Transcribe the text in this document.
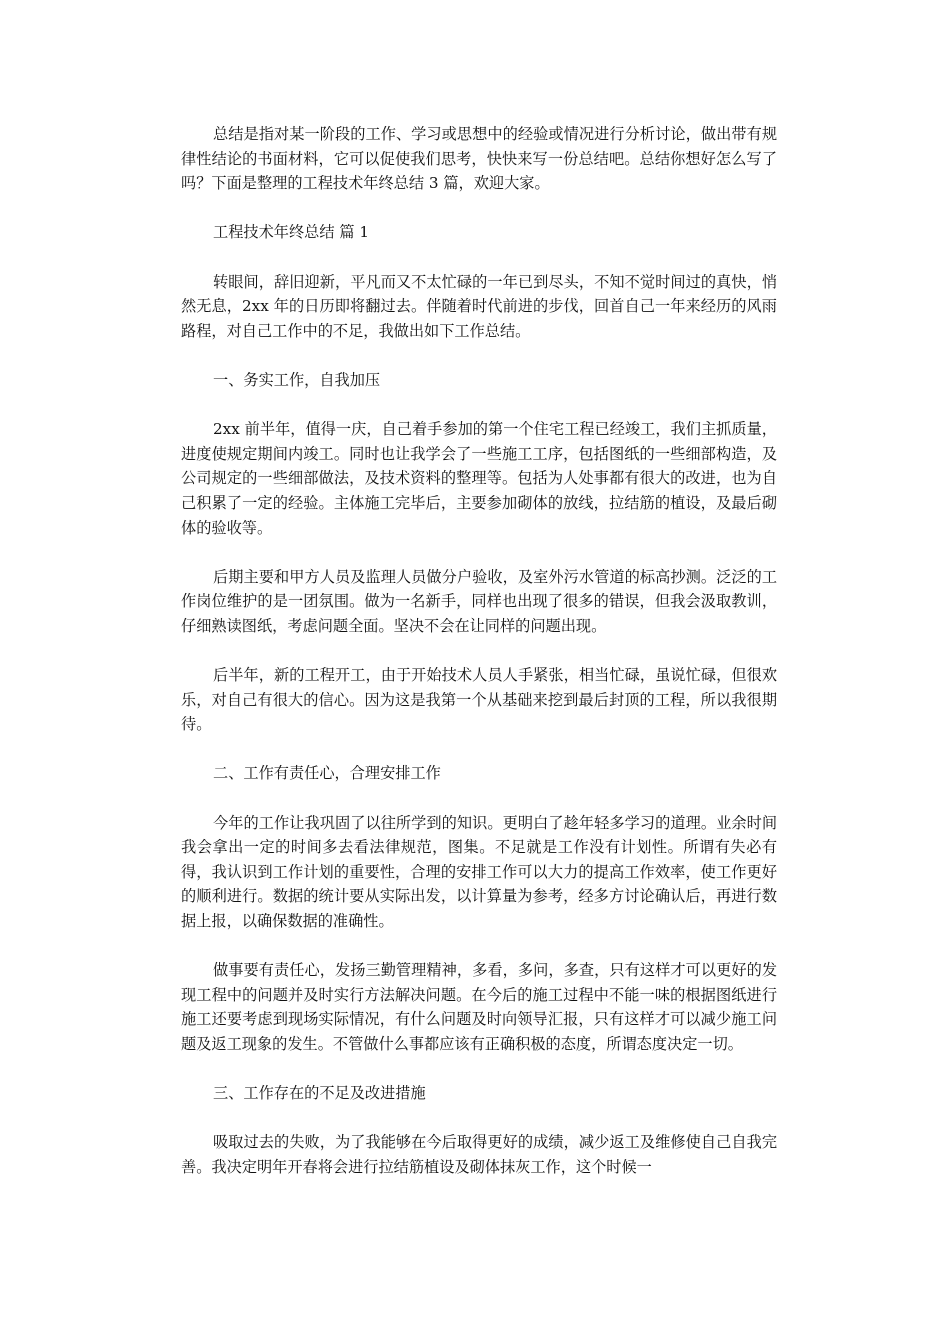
总结是指对某一阶段的工作、学习或思想中的经验或情况进行分析讨论，做出带有规律性结论的书面材料，它可以促使我们思考，快快来写一份总结吧。总结你想好怎么写了吗？下面是整理的工程技术年终总结 3 篇，欢迎大家。

工程技术年终总结 篇 1

转眼间，辞旧迎新，平凡而又不太忙碌的一年已到尽头，不知不觉时间过的真快，悄然无息，2xx 年的日历即将翻过去。伴随着时代前进的步伐，回首自己一年来经历的风雨路程，对自己工作中的不足，我做出如下工作总结。

一、务实工作，自我加压

2xx 前半年，值得一庆，自己着手参加的第一个住宅工程已经竣工，我们主抓质量，进度使规定期间内竣工。同时也让我学会了一些施工工序，包括图纸的一些细部构造，及公司规定的一些细部做法，及技术资料的整理等。包括为人处事都有很大的改进，也为自己积累了一定的经验。主体施工完毕后，主要参加砌体的放线，拉结筋的植设，及最后砌体的验收等。

后期主要和甲方人员及监理人员做分户验收，及室外污水管道的标高抄测。泛泛的工作岗位维护的是一团氛围。做为一名新手，同样也出现了很多的错误，但我会汲取教训，仔细熟读图纸，考虑问题全面。坚决不会在让同样的问题出现。

后半年，新的工程开工，由于开始技术人员人手紧张，相当忙碌，虽说忙碌，但很欢乐，对自己有很大的信心。因为这是我第一个从基础来挖到最后封顶的工程，所以我很期待。

二、工作有责任心，合理安排工作

今年的工作让我巩固了以往所学到的知识。更明白了趁年轻多学习的道理。业余时间我会拿出一定的时间多去看法律规范，图集。不足就是工作没有计划性。所谓有失必有得，我认识到工作计划的重要性，合理的安排工作可以大力的提高工作效率，使工作更好的顺利进行。数据的统计要从实际出发，以计算量为参考，经多方讨论确认后，再进行数据上报，以确保数据的准确性。

做事要有责任心，发扬三勤管理精神，多看，多问，多查，只有这样才可以更好的发现工程中的问题并及时实行方法解决问题。在今后的施工过程中不能一味的根据图纸进行施工还要考虑到现场实际情况，有什么问题及时向领导汇报，只有这样才可以减少施工问题及返工现象的发生。不管做什么事都应该有正确积极的态度，所谓态度决定一切。

三、工作存在的不足及改进措施

吸取过去的失败，为了我能够在今后取得更好的成绩，减少返工及维修使自己自我完善。我决定明年开春将会进行拉结筋植设及砌体抹灰工作，这个时候一
